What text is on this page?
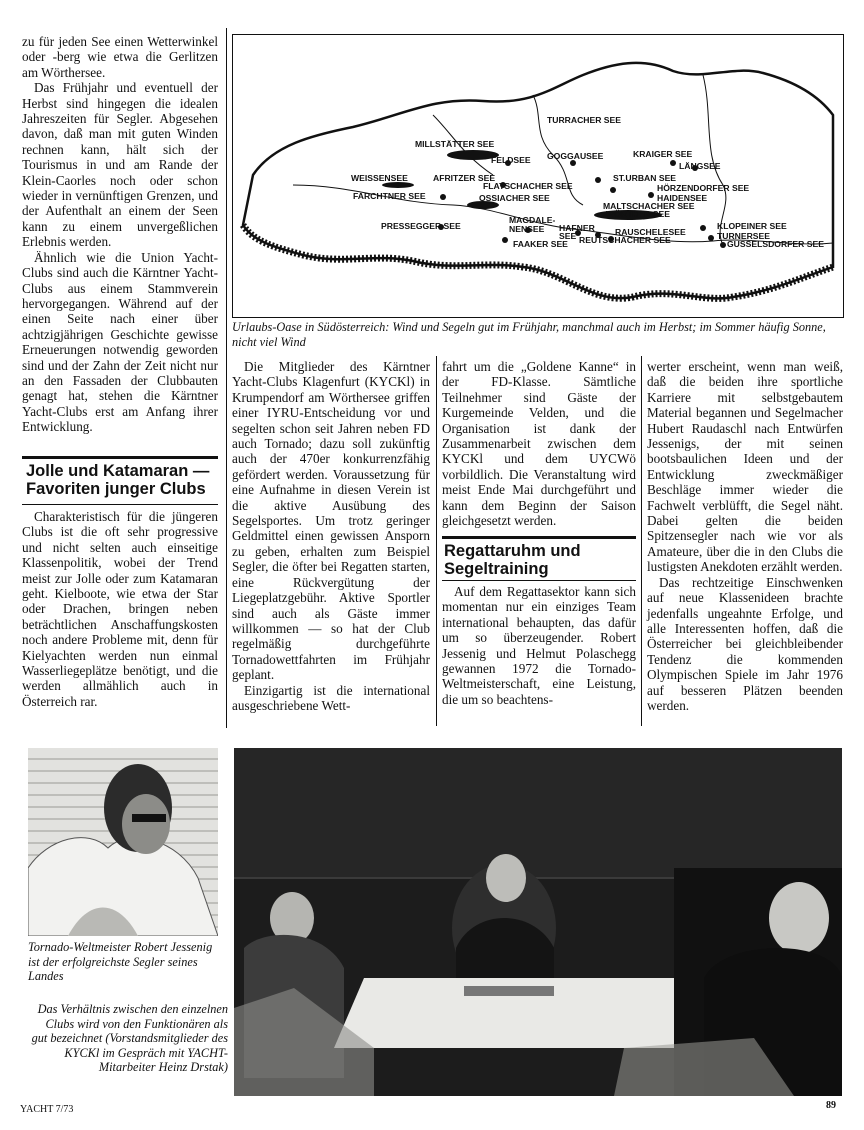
zu für jeden See einen Wetterwinkel oder -berg wie etwa die Gerlitzen am Wörthersee.

Das Frühjahr und eventuell der Herbst sind hingegen die idealen Jahreszeiten für Segler. Abgesehen davon, daß man mit guten Winden rechnen kann, hält sich der Tourismus in und am Rande der Klein-Caorles noch oder schon wieder in vernünftigen Grenzen, und der Aufenthalt an einem der Seen kann zu einem unvergeßlichen Erlebnis werden.

Ähnlich wie die Union Yacht-Clubs sind auch die Kärntner Yacht-Clubs aus einem Stammverein hervorgegangen. Während auf der einen Seite nach einer über achtzigjährigen Geschichte gewisse Erneuerungen notwendig geworden sind und der Zahn der Zeit nicht nur an den Fassaden der Clubbauten genagt hat, stehen die Kärntner Yacht-Clubs erst am Anfang ihrer Entwicklung.

Jolle und Katamaran — Favoriten junger Clubs

Charakteristisch für die jüngeren Clubs ist die oft sehr progressive und nicht selten auch einseitige Klassenpolitik, wobei der Trend meist zur Jolle oder zum Katamaran geht. Kielboote, wie etwa der Star oder Drachen, bringen neben beträchtlichen Anschaffungskosten noch andere Probleme mit, denn für Kielyachten werden nun einmal Wasserliegeplätze benötigt, und die werden allmählich auch in Österreich rar.

TURRACHER SEE
MILLSTÄTTER SEE
FELDSEE GOGGAUSEE	KRAIGER SEE
LÄNGSEE
WEISSENSEE	AFRITZER SEE
FLATSCHACHER SEE
ST.URBAN SEE
HÖRZENDORFER SEE
FARCHTNER SEE	OSSIACHER SEE	HAIDENSEE
MALTSCHACHER SEE
WÖRTHER SEE
PRESSEGGER SEE
MAGDALE-
NENSEE HAFNER
SEE
KLOPEINER SEE
TURNERSEE
RAUSCHELESEE
REUTSCHACHER SEE	GÜSSELSDORFER SEE
FAAKER SEE
Urlaubs-Oase in Südösterreich: Wind und Segeln gut im Frühjahr, manchmal auch im Herbst; im Sommer häufig Sonne, nicht viel Wind

Die Mitglieder des Kärntner Yacht-Clubs Klagenfurt (KYCKl) in Krumpendorf am Wörthersee griffen einer IYRU-Entscheidung vor und segelten schon seit Jahren neben FD auch Tornado; dazu soll zukünftig auch der 470er konkurrenzfähig gefördert werden. Voraussetzung für eine Aufnahme in diesen Verein ist die aktive Ausübung des Segelsportes. Um trotz geringer Geldmittel einen gewissen Ansporn zu geben, erhalten zum Beispiel Segler, die öfter bei Regatten starten, eine Rückvergütung der Liegeplatzgebühr. Aktive Sportler sind auch als Gäste immer willkommen — so hat der Club regelmäßig durchgeführte Tornadowettfahrten im Frühjahr geplant.

Einzigartig ist die international ausgeschriebene Wett-

fahrt um die „Goldene Kanne“ in der FD-Klasse. Sämtliche Teilnehmer sind Gäste der Kurgemeinde Velden, und die Organisation ist dank der Zusammenarbeit zwischen dem KYCKl und dem UYCWö vorbildlich. Die Veranstaltung wird meist Ende Mai durchgeführt und kann dem Beginn der Saison gleichgesetzt werden.

Regattaruhm und Segeltraining

Auf dem Regattasektor kann sich momentan nur ein einziges Team international behaupten, das dafür um so überzeugender. Robert Jessenig und Helmut Polaschegg gewannen 1972 die Tornado-Weltmeisterschaft, eine Leistung, die um so beachtens-

werter erscheint, wenn man weiß, daß die beiden ihre sportliche Karriere mit selbstgebautem Material begannen und Segelmacher Hubert Raudaschl nach Entwürfen Jessenigs, der mit seinen bootsbaulichen Ideen und der Entwicklung zweckmäßiger Beschläge immer wieder die Fachwelt verblüfft, die Segel näht. Dabei gelten die beiden Spitzensegler nach wie vor als Amateure, über die in den Clubs die lustigsten Anekdoten erzählt werden.

Das rechtzeitige Einschwenken auf neue Klassenideen brachte jedenfalls ungeahnte Erfolge, und alle Interessenten hoffen, daß die Österreicher bei gleichbleibender Tendenz die kommenden Olympischen Spiele im Jahr 1976 auf besseren Plätzen beenden werden.

Tornado-Weltmeister Robert Jessenig ist der erfolgreichste Segler seines Landes
Das Verhältnis zwischen den einzelnen Clubs wird von den Funktionären als gut bezeichnet (Vorstandsmitglieder des KYCKl im Gespräch mit YACHT-Mitarbeiter Heinz Drstak)
YACHT 7/73	89
